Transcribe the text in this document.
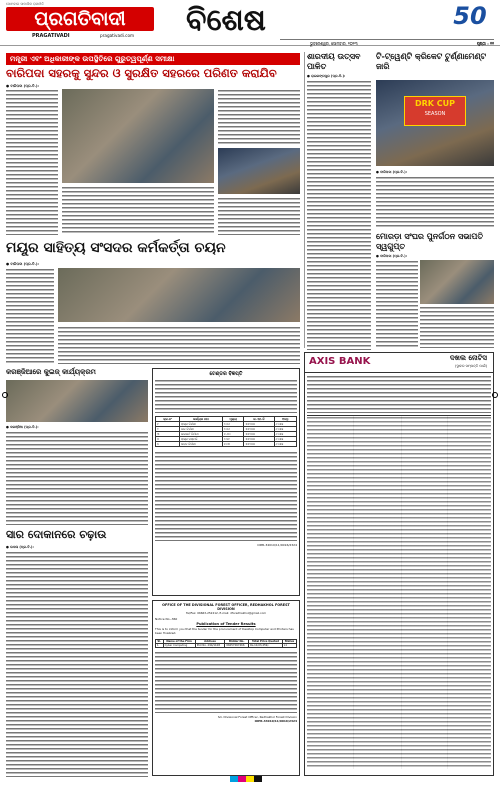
ସୋମବାର ସାମାଜିକ ରାଜନୀତି
ପ୍ରଗତିବାଦୀ
PRAGATIVADI	pragativadi.com ବିଶେଷ	50
ଭୁବନେଶ୍ୱର, ସୋମବାର, ୨୦୨୩	ପୃଷ୍ଠା : ୧୧
ମନ୍ତ୍ରୀ ଏବଂ ଅଧିକାରୀଙ୍କ ଉପସ୍ଥିତିରେ ଗୁରୁତ୍ୱପୂର୍ଣ୍ଣ ସମୀକ୍ଷା
ବାରିପଦା ସହରକୁ ସୁନ୍ଦର ଓ ସୁରକ୍ଷିତ ସହରରେ ପରିଣତ କରାଯିବ
● ବାରିପଦା (ପ୍ର.ବି.):
ଶାରଦୀୟ ଉତ୍ସବ ପାଳିତ
● ରାଇରଙ୍ଗପୁର (ପ୍ର.ବି.):
ଟି-ଟ୍ୱେଣ୍ଟି କ୍ରିକେଟ ଟୁର୍ଣ୍ଣାମେଣ୍ଟ ଜାରି
DRK CUP
SEASON
● ବାରିପଦା (ପ୍ର.ବି.):
ମୋରଡ଼ା ସଂଘର ପୁନର୍ଗଠନ ସଭାପତି ସ୍ୱଗୁପ୍ତ
● ବାରିପଦା (ପ୍ର.ବି.):
ମୟୂର ସାହିତ୍ୟ ସଂସଦର କର୍ମକର୍ତ୍ତା ଚୟନ
● ବାରିପଦା (ପ୍ର.ବି.):
କରଞ୍ଜିଆରେ କୁଇଜ୍ କାର୍ଯ୍ୟକ୍ରମ
● କରଞ୍ଜିଆ (ପ୍ର.ବି.):
ସାର ଦୋକାନରେ ଚଢ଼ାଉ
● ଉଦଳା (ପ୍ର.ବି.):
ଟେଣ୍ଡର ବିଜ୍ଞପ୍ତି
କ୍ର.ନଂ	କାର୍ଯ୍ୟର ନାମ	ମୂଲ୍ୟ	ଇ.ଏମ.ଡି	ଅବଧି
୧	ରାସ୍ତା ନିର୍ମାଣ	୨.୭୬	୫୫୨୦୦	୬ ମାସ
୨	ନାଳ ନିର୍ମାଣ	୨.୭୬	୫୫୨୦୦	୬ ମାସ
୩	କଲଭର୍ଟ ନିର୍ମାଣ	୧.୬୦	୫୫୨୦୦	୬ ମାସ
୪	ରାସ୍ତା ମରାମତି	୨.୫୧	୫୫୨୦୦	୬ ମାସ
୫	ଭବନ ନିର୍ମାଣ	୧.୦୧	୫୫୨୦୦	୬ ମାସ
OIPR-34010/11/0016/2324
AXIS BANK	ଦଖଲ ନୋଟିସ
(ସ୍ଥାବର ସମ୍ପତ୍ତି ପାଇଁ)
OFFICE OF THE DIVISIONAL FOREST OFFICER, REDHAKHOL FOREST DIVISION
Tel/Fax: 06663-252212, E-mail: dforedhakhol@gmail.com
Notice No.-360
Publication of Tender Results
This is to inform you that the tender for the procurement of Desktop Computer and Printers has been finalized.
Sl.	Name of the Firm	Address	Bidder No.	Total Price Quoted	Status
1	Cyber Computing	Plot No. 294/1108	06057067466	Rs.10,03,459/-	L1
Sd- Divisional Forest Officer, Redhakhol Forest Division
OIPR-34010/11/0016/2324
